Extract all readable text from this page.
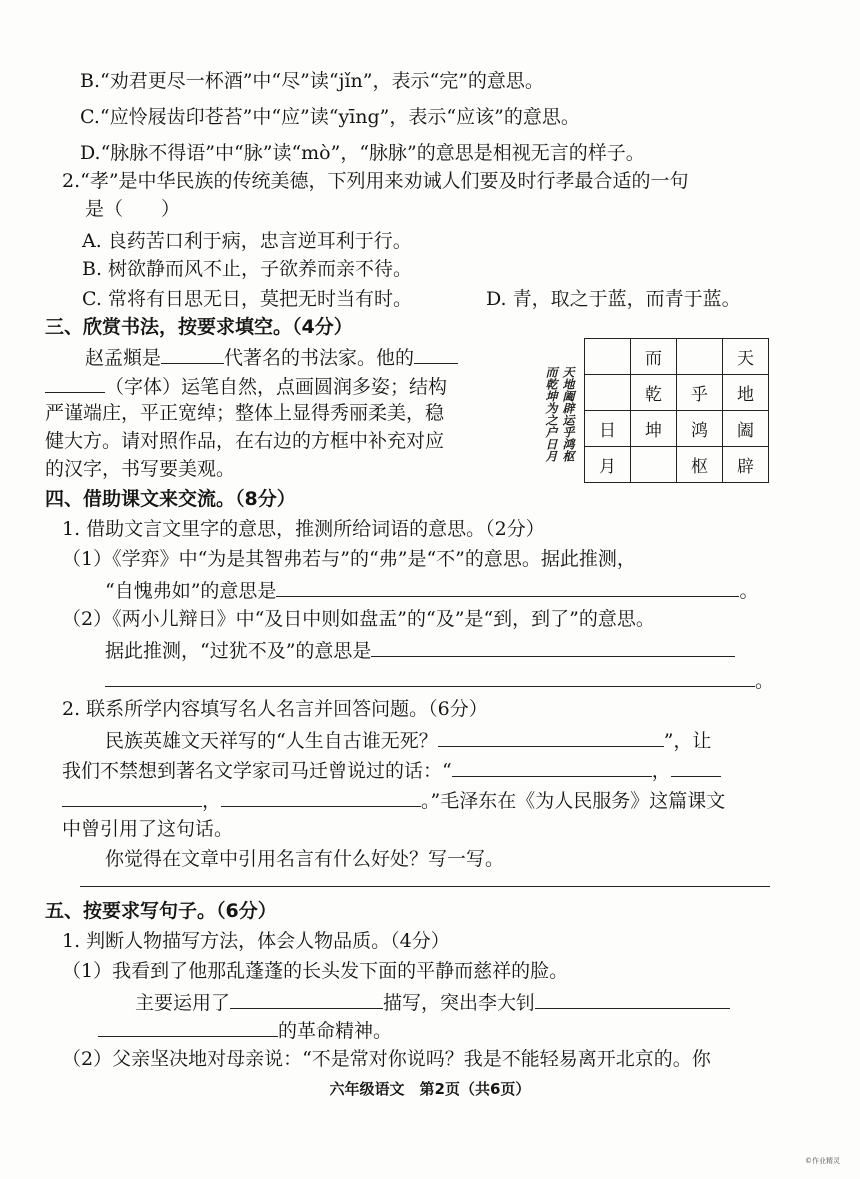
B.“劝君更尽一杯酒”中“尽”读“jǐn”，表示“完”的意思。
C.“应怜屐齿印苍苔”中“应”读“yīng”，表示“应该”的意思。
D.“脉脉不得语”中“脉”读“mò”，“脉脉”的意思是相视无言的样子。
2.“孝”是中华民族的传统美德，下列用来劝诫人们要及时行孝最合适的一句
是（　　）
A. 良药苦口利于病，忠言逆耳利于行。
B. 树欲静而风不止，子欲养而亲不待。
C. 常将有日思无日，莫把无时当有时。	D. 青，取之于蓝，而青于蓝。
三、欣赏书法，按要求填空。（4分）
赵孟頫是	代著名的书法家。他的
（字体）运笔自然，点画圆润多姿；结构
严谨端庄，平正宽绰；整体上显得秀丽柔美，稳
健大方。请对照作品，在右边的方框中补充对应
的汉字，书写要美观。
天地阖辟运乎鸿枢
而乾坤为之户日月
	而		天
	乾	乎	地
日	坤	鸿	阖
月		枢	辟
四、借助课文来交流。（8分）
1. 借助文言文里字的意思，推测所给词语的意思。（2分）
（1）《学弈》中“为是其智弗若与”的“弗”是“不”的意思。据此推测，
“自愧弗如”的意思是	。
（2）《两小儿辩日》中“及日中则如盘盂”的“及”是“到，到了”的意思。
据此推测，“过犹不及”的意思是
。
2. 联系所学内容填写名人名言并回答问题。（6分）
民族英雄文天祥写的“人生自古谁无死？	”，让
我们不禁想到著名文学家司马迁曾说过的话：“	，
，	。”毛泽东在《为人民服务》这篇课文
中曾引用了这句话。
你觉得在文章中引用名言有什么好处？写一写。
五、按要求写句子。（6分）
1. 判断人物描写方法，体会人物品质。（4分）
（1）我看到了他那乱蓬蓬的长头发下面的平静而慈祥的脸。
主要运用了	描写，突出李大钊
的革命精神。
（2）父亲坚决地对母亲说：“不是常对你说吗？我是不能轻易离开北京的。你
六年级语文　第2页（共6页）
©作业精灵
